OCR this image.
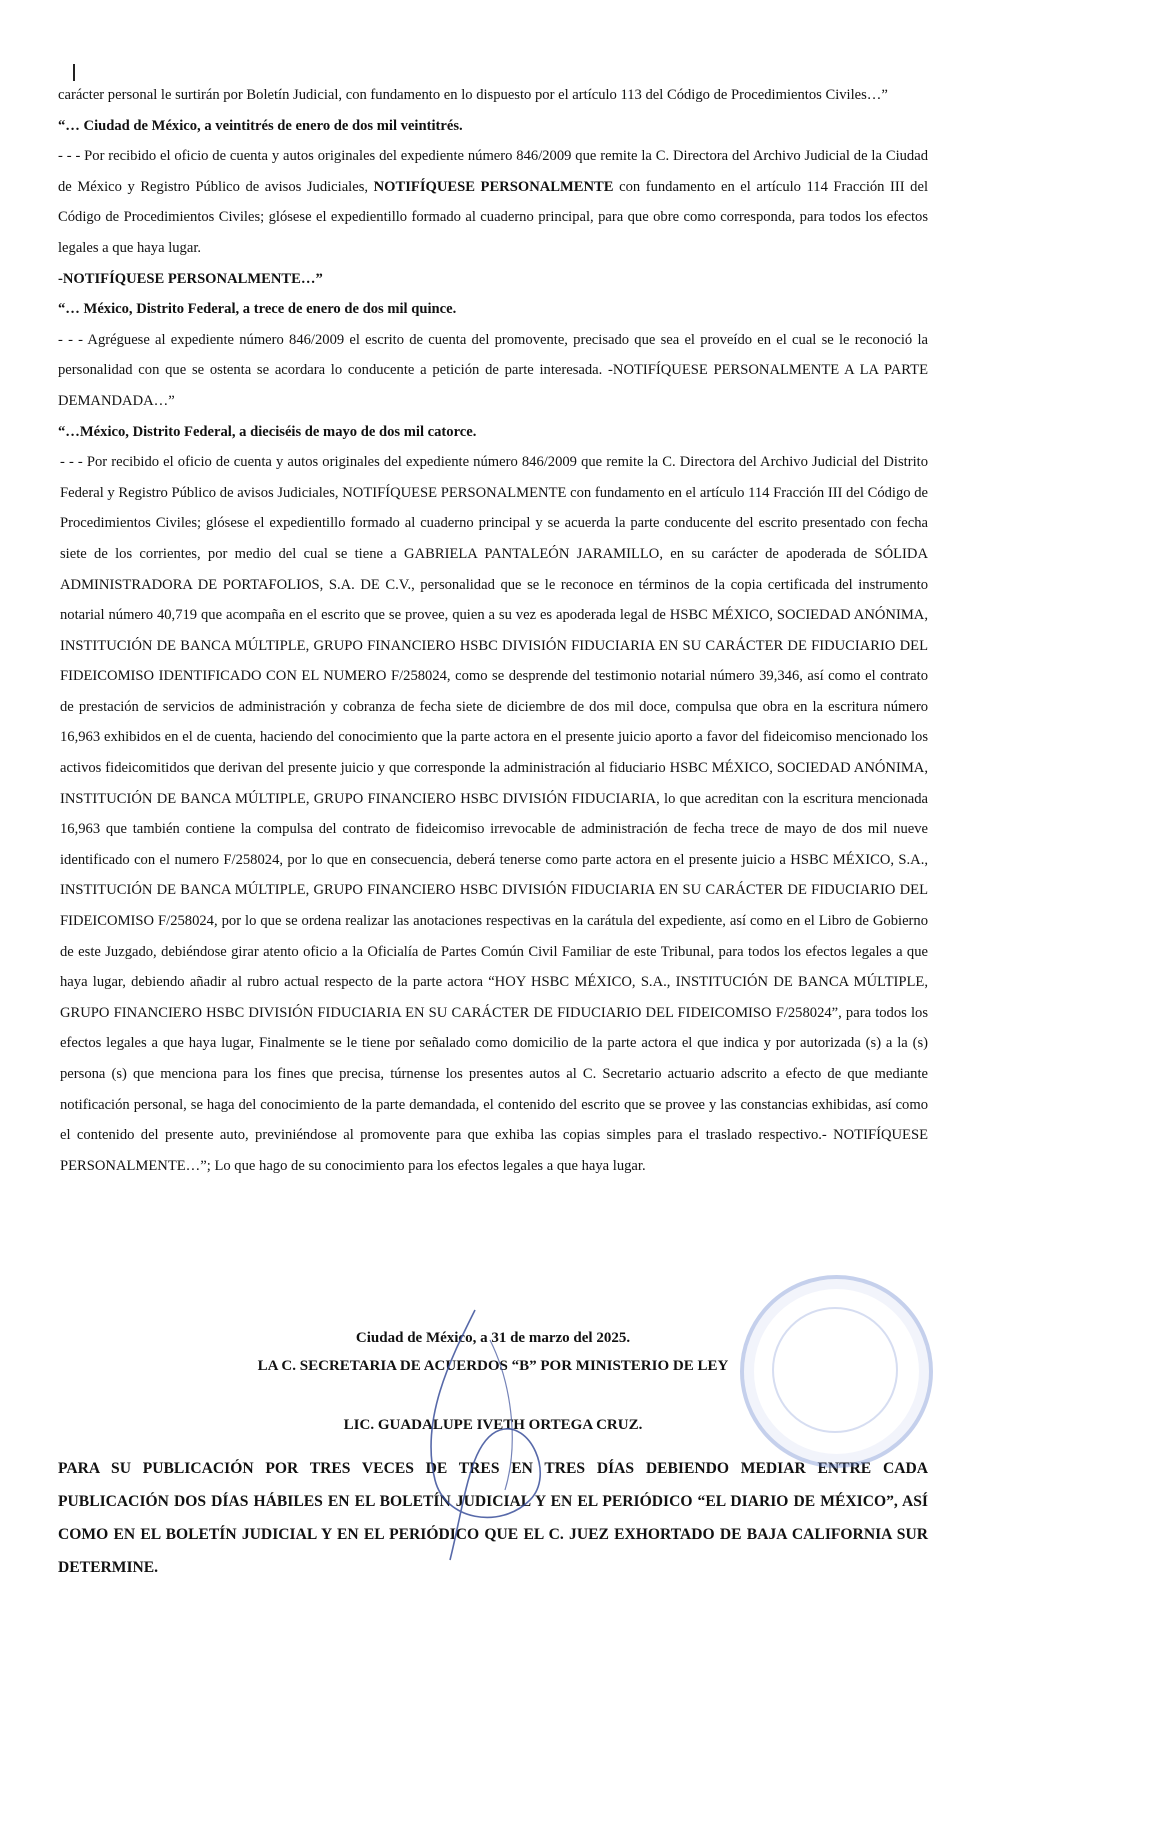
carácter personal le surtirán por Boletín Judicial, con fundamento en lo dispuesto por el artículo 113 del Código de Procedimientos Civiles…”

“… Ciudad de México, a veintitrés de enero de dos mil veintitrés.

- - - Por recibido el oficio de cuenta y autos originales del expediente número 846/2009 que remite la C. Directora del Archivo Judicial de la Ciudad de México y Registro Público de avisos Judiciales, NOTIFÍQUESE PERSONALMENTE con fundamento en el artículo 114 Fracción III del Código de Procedimientos Civiles; glósese el expedientillo formado al cuaderno principal, para que obre como corresponda, para todos los efectos legales a que haya lugar.

-NOTIFÍQUESE PERSONALMENTE…”

“… México, Distrito Federal, a trece de enero de dos mil quince.

- - - Agréguese al expediente número 846/2009 el escrito de cuenta del promovente, precisado que sea el proveído en el cual se le reconoció la personalidad con que se ostenta se acordara lo conducente a petición de parte interesada. -NOTIFÍQUESE PERSONALMENTE A LA PARTE DEMANDADA…”

“…México, Distrito Federal, a dieciséis de mayo de dos mil catorce.

- - - Por recibido el oficio de cuenta y autos originales del expediente número 846/2009 que remite la C. Directora del Archivo Judicial del Distrito Federal y Registro Público de avisos Judiciales, NOTIFÍQUESE PERSONALMENTE con fundamento en el artículo 114 Fracción III del Código de Procedimientos Civiles; glósese el expedientillo formado al cuaderno principal y se acuerda la parte conducente del escrito presentado con fecha siete de los corrientes, por medio del cual se tiene a GABRIELA PANTALEÓN JARAMILLO, en su carácter de apoderada de SÓLIDA ADMINISTRADORA DE PORTAFOLIOS, S.A. DE C.V., personalidad que se le reconoce en términos de la copia certificada del instrumento notarial número 40,719 que acompaña en el escrito que se provee, quien a su vez es apoderada legal de HSBC MÉXICO, SOCIEDAD ANÓNIMA, INSTITUCIÓN DE BANCA MÚLTIPLE, GRUPO FINANCIERO HSBC DIVISIÓN FIDUCIARIA EN SU CARÁCTER DE FIDUCIARIO DEL FIDEICOMISO IDENTIFICADO CON EL NUMERO F/258024, como se desprende del testimonio notarial número 39,346, así como el contrato de prestación de servicios de administración y cobranza de fecha siete de diciembre de dos mil doce, compulsa que obra en la escritura número 16,963 exhibidos en el de cuenta, haciendo del conocimiento que la parte actora en el presente juicio aporto a favor del fideicomiso mencionado los activos fideicomitidos que derivan del presente juicio y que corresponde la administración al fiduciario HSBC MÉXICO, SOCIEDAD ANÓNIMA, INSTITUCIÓN DE BANCA MÚLTIPLE, GRUPO FINANCIERO HSBC DIVISIÓN FIDUCIARIA, lo que acreditan con la escritura mencionada 16,963 que también contiene la compulsa del contrato de fideicomiso irrevocable de administración de fecha trece de mayo de dos mil nueve identificado con el numero F/258024, por lo que en consecuencia, deberá tenerse como parte actora en el presente juicio a HSBC MÉXICO, S.A., INSTITUCIÓN DE BANCA MÚLTIPLE, GRUPO FINANCIERO HSBC DIVISIÓN FIDUCIARIA EN SU CARÁCTER DE FIDUCIARIO DEL FIDEICOMISO F/258024, por lo que se ordena realizar las anotaciones respectivas en la carátula del expediente, así como en el Libro de Gobierno de este Juzgado, debiéndose girar atento oficio a la Oficialía de Partes Común Civil Familiar de este Tribunal, para todos los efectos legales a que haya lugar, debiendo añadir al rubro actual respecto de la parte actora “HOY HSBC MÉXICO, S.A., INSTITUCIÓN DE BANCA MÚLTIPLE, GRUPO FINANCIERO HSBC DIVISIÓN FIDUCIARIA EN SU CARÁCTER DE FIDUCIARIO DEL FIDEICOMISO F/258024”, para todos los efectos legales a que haya lugar, Finalmente se le tiene por señalado como domicilio de la parte actora el que indica y por autorizada (s) a la (s) persona (s) que menciona para los fines que precisa, túrnense los presentes autos al C. Secretario actuario adscrito a efecto de que mediante notificación personal, se haga del conocimiento de la parte demandada, el contenido del escrito que se provee y las constancias exhibidas, así como el contenido del presente auto, previniéndose al promovente para que exhiba las copias simples para el traslado respectivo.- NOTIFÍQUESE PERSONALMENTE…”; Lo que hago de su conocimiento para los efectos legales a que haya lugar.

Ciudad de México, a 31 de marzo del 2025.
LA C. SECRETARIA DE ACUERDOS “B” POR MINISTERIO DE LEY
LIC. GUADALUPE IVETH ORTEGA CRUZ.
PARA SU PUBLICACIÓN POR TRES VECES DE TRES EN TRES DÍAS DEBIENDO MEDIAR ENTRE CADA PUBLICACIÓN DOS DÍAS HÁBILES EN EL BOLETÍN JUDICIAL Y EN EL PERIÓDICO “EL DIARIO DE MÉXICO”, ASÍ COMO EN EL BOLETÍN JUDICIAL Y EN EL PERIÓDICO QUE EL C. JUEZ EXHORTADO DE BAJA CALIFORNIA SUR DETERMINE.
